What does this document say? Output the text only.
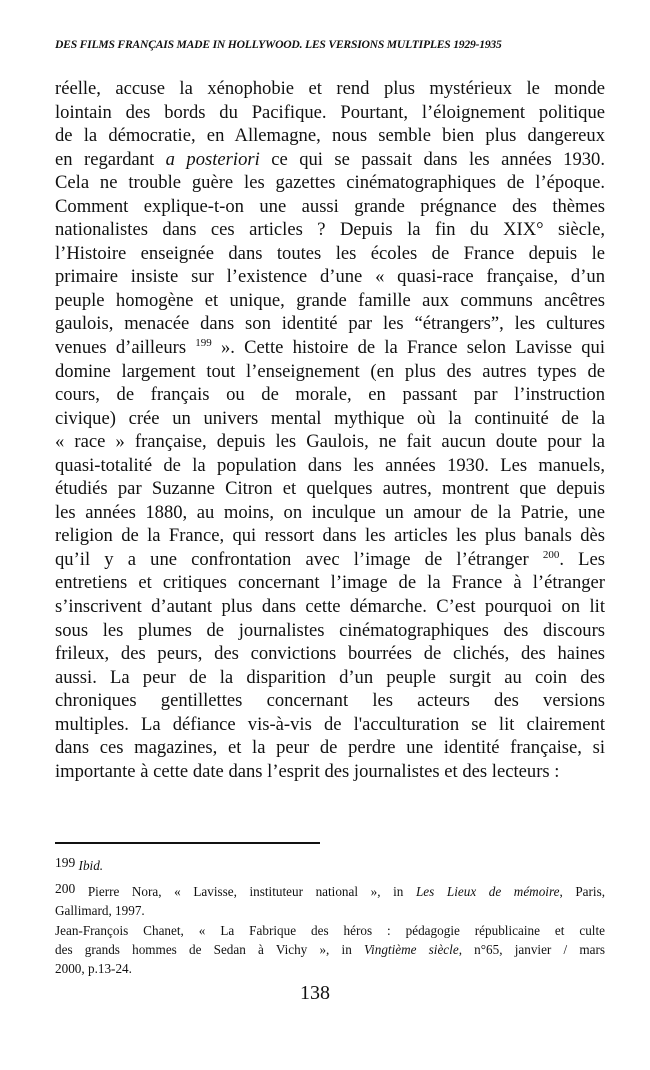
DES FILMS FRANÇAIS MADE IN HOLLYWOOD. LES VERSIONS MULTIPLES 1929-1935
réelle, accuse la xénophobie et rend plus mystérieux le monde
lointain des bords du Pacifique. Pourtant, l’éloignement politique
de la démocratie, en Allemagne, nous semble bien plus dangereux
en regardant a posteriori ce qui se passait dans les années 1930.
Cela ne trouble guère les gazettes cinématographiques de l’époque.
Comment explique-t-on une aussi grande prégnance des thèmes
nationalistes dans ces articles ? Depuis la fin du XIX° siècle,
l’Histoire enseignée dans toutes les écoles de France depuis le
primaire insiste sur l’existence d’une « quasi-race française, d’un
peuple homogène et unique, grande famille aux communs ancêtres
gaulois, menacée dans son identité par les “étrangers”, les cultures
venues d’ailleurs $^{199}$ ». Cette histoire de la France selon Lavisse qui
domine largement tout l’enseignement (en plus des autres types de
cours, de français ou de morale, en passant par l’instruction
civique) crée un univers mental mythique où la continuité de la
« race » française, depuis les Gaulois, ne fait aucun doute pour la
quasi-totalité de la population dans les années 1930. Les manuels,
étudiés par Suzanne Citron et quelques autres, montrent que depuis
les années 1880, au moins, on inculque un amour de la Patrie, une
religion de la France, qui ressort dans les articles les plus banals dès
qu’il y a une confrontation avec l’image de l’étranger $^{200}$. Les
entretiens et critiques concernant l’image de la France à l’étranger
s’inscrivent d’autant plus dans cette démarche. C’est pourquoi on lit
sous les plumes de journalistes cinématographiques des discours
frileux, des peurs, des convictions bourrées de clichés, des haines
aussi. La peur de la disparition d’un peuple surgit au coin des
chroniques gentillettes concernant les acteurs des versions
multiples. La défiance vis-à-vis de l'acculturation se lit clairement
dans ces magazines, et la peur de perdre une identité française, si
importante à cette date dans l’esprit des journalistes et des lecteurs :
199 Ibid.
200 Pierre Nora, « Lavisse, instituteur national », in Les Lieux de mémoire, Paris,
Gallimard, 1997.
Jean-François Chanet, « La Fabrique des héros : pédagogie républicaine et culte
des grands hommes de Sedan à Vichy », in Vingtième siècle, n°65, janvier / mars
2000, p.13-24.
138
